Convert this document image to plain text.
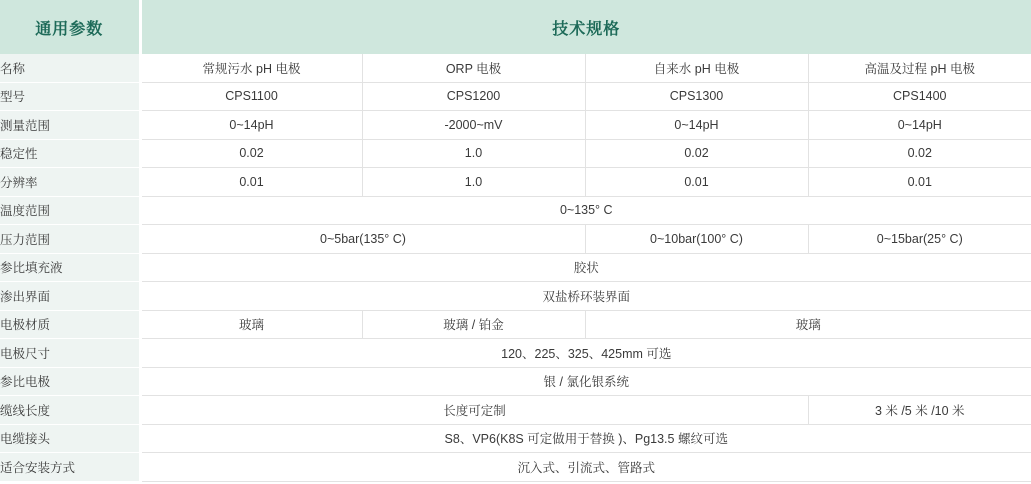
通用参数	技术规格			
名称	常规污水 pH 电极	ORP 电极	自来水 pH 电极	高温及过程 pH 电极
型号	CPS1100	CPS1200	CPS1300	CPS1400
测量范围	0~14pH	-2000~mV	0~14pH	0~14pH
稳定性	0.02	1.0	0.02	0.02
分辨率	0.01	1.0	0.01	0.01
温度范围	0~135° C			
压力范围	0~5bar(135° C)		0~10bar(100° C)	0~15bar(25° C)
参比填充液	胶状			
渗出界面	双盐桥环装界面			
电极材质	玻璃	玻璃 / 铂金	玻璃	
电极尺寸	120、225、325、425mm 可选			
参比电极	银 / 氯化银系统			
缆线长度	长度可定制			3 米 /5 米 /10 米
电缆接头	S8、VP6(K8S 可定做用于替换 )、Pg13.5 螺纹可选			
适合安装方式	沉入式、引流式、管路式			
